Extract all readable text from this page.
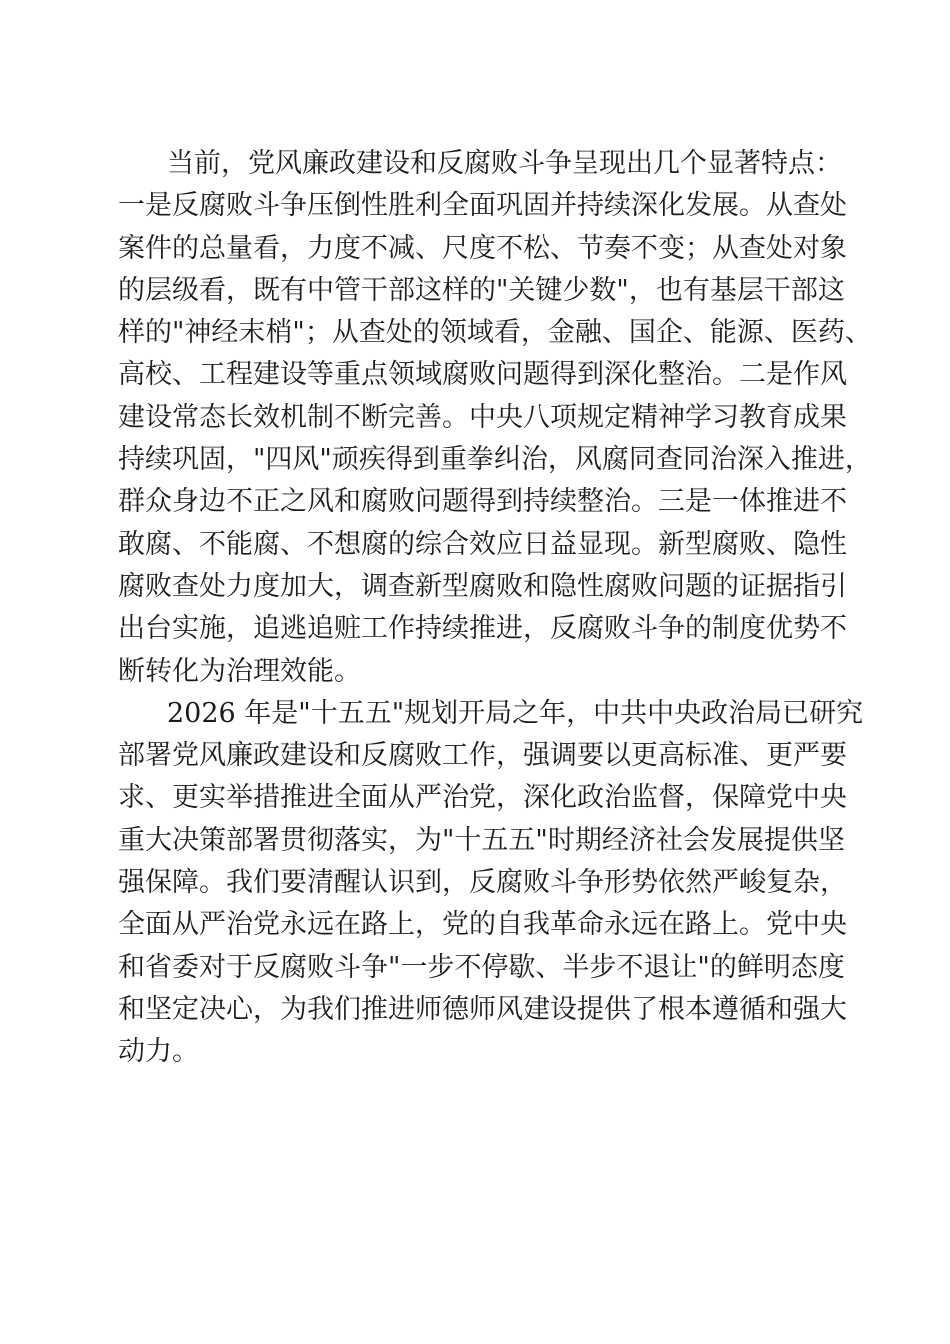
当前，党风廉政建设和反腐败斗争呈现出几个显著特点：
一是反腐败斗争压倒性胜利全面巩固并持续深化发展。从查处
案件的总量看，力度不减、尺度不松、节奏不变；从查处对象
的层级看，既有中管干部这样的"关键少数"，也有基层干部这
样的"神经末梢"；从查处的领域看，金融、国企、能源、医药、
高校、工程建设等重点领域腐败问题得到深化整治。二是作风
建设常态长效机制不断完善。中央八项规定精神学习教育成果
持续巩固，"四风"顽疾得到重拳纠治，风腐同查同治深入推进，
群众身边不正之风和腐败问题得到持续整治。三是一体推进不
敢腐、不能腐、不想腐的综合效应日益显现。新型腐败、隐性
腐败查处力度加大，调查新型腐败和隐性腐败问题的证据指引
出台实施，追逃追赃工作持续推进，反腐败斗争的制度优势不
断转化为治理效能。
2026 年是"十五五"规划开局之年，中共中央政治局已研究
部署党风廉政建设和反腐败工作，强调要以更高标准、更严要
求、更实举措推进全面从严治党，深化政治监督，保障党中央
重大决策部署贯彻落实，为"十五五"时期经济社会发展提供坚
强保障。我们要清醒认识到，反腐败斗争形势依然严峻复杂，
全面从严治党永远在路上，党的自我革命永远在路上。党中央
和省委对于反腐败斗争"一步不停歇、半步不退让"的鲜明态度
和坚定决心，为我们推进师德师风建设提供了根本遵循和强大
动力。
